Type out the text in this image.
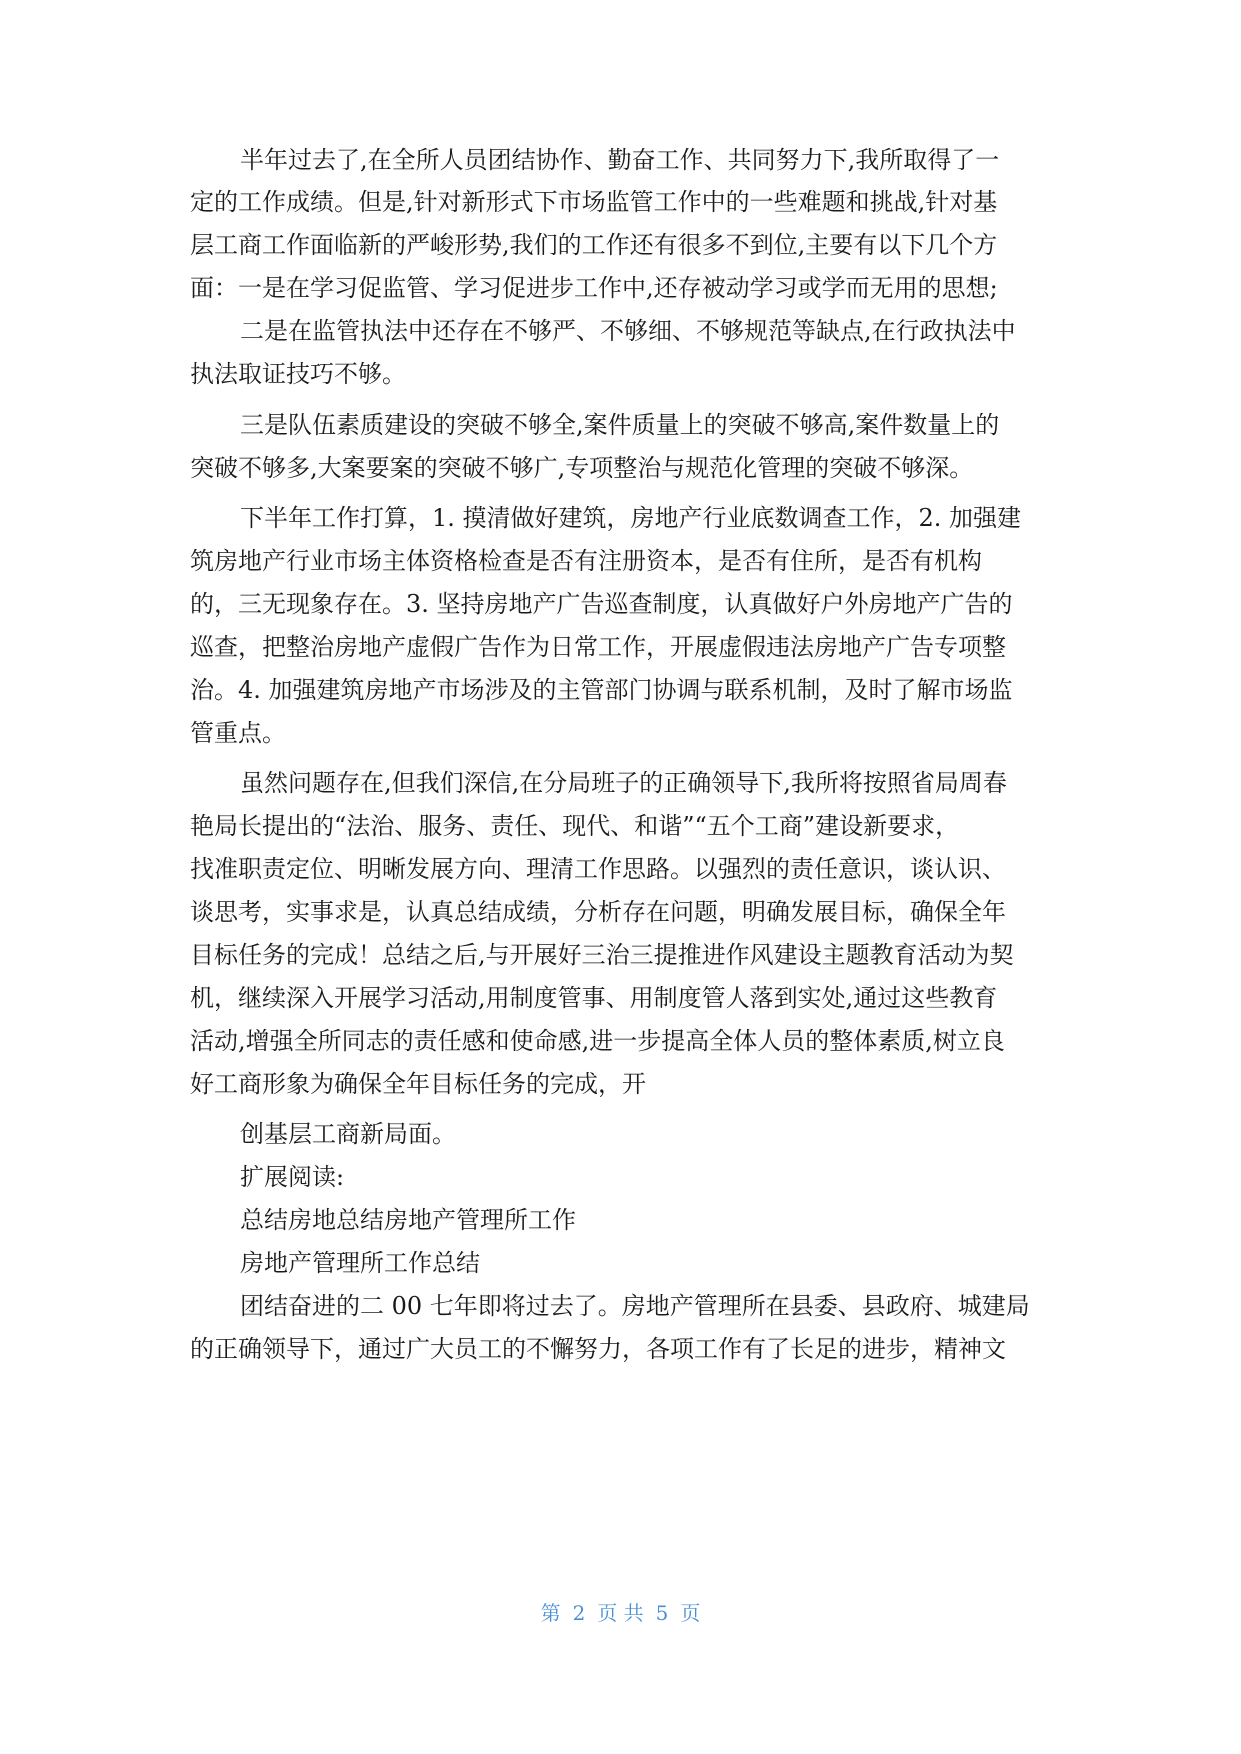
半年过去了,在全所人员团结协作、勤奋工作、共同努力下,我所取得了一
定的工作成绩。但是,针对新形式下市场监管工作中的一些难题和挑战,针对基
层工商工作面临新的严峻形势,我们的工作还有很多不到位,主要有以下几个方
面：一是在学习促监管、学习促进步工作中,还存被动学习或学而无用的思想;
二是在监管执法中还存在不够严、不够细、不够规范等缺点,在行政执法中
执法取证技巧不够。
三是队伍素质建设的突破不够全,案件质量上的突破不够高,案件数量上的
突破不够多,大案要案的突破不够广,专项整治与规范化管理的突破不够深。
下半年工作打算，1. 摸清做好建筑，房地产行业底数调查工作，2. 加强建
筑房地产行业市场主体资格检查是否有注册资本，是否有住所，是否有机构
的，三无现象存在。3. 坚持房地产广告巡查制度，认真做好户外房地产广告的
巡查，把整治房地产虚假广告作为日常工作，开展虚假违法房地产广告专项整
治。4. 加强建筑房地产市场涉及的主管部门协调与联系机制，及时了解市场监
管重点。
虽然问题存在,但我们深信,在分局班子的正确领导下,我所将按照省局周春
艳局长提出的“法治、服务、责任、现代、和谐”“五个工商”建设新要求，
找准职责定位、明晰发展方向、理清工作思路。以强烈的责任意识，谈认识、
谈思考，实事求是，认真总结成绩，分析存在问题，明确发展目标，确保全年
目标任务的完成！总结之后,与开展好三治三提推进作风建设主题教育活动为契
机，继续深入开展学习活动,用制度管事、用制度管人落到实处,通过这些教育
活动,增强全所同志的责任感和使命感,进一步提高全体人员的整体素质,树立良
好工商形象为确保全年目标任务的完成，开
创基层工商新局面。
扩展阅读:
总结房地总结房地产管理所工作
房地产管理所工作总结
团结奋进的二 00 七年即将过去了。房地产管理所在县委、县政府、城建局
的正确领导下，通过广大员工的不懈努力，各项工作有了长足的进步，精神文
第 2 页 共 5 页
